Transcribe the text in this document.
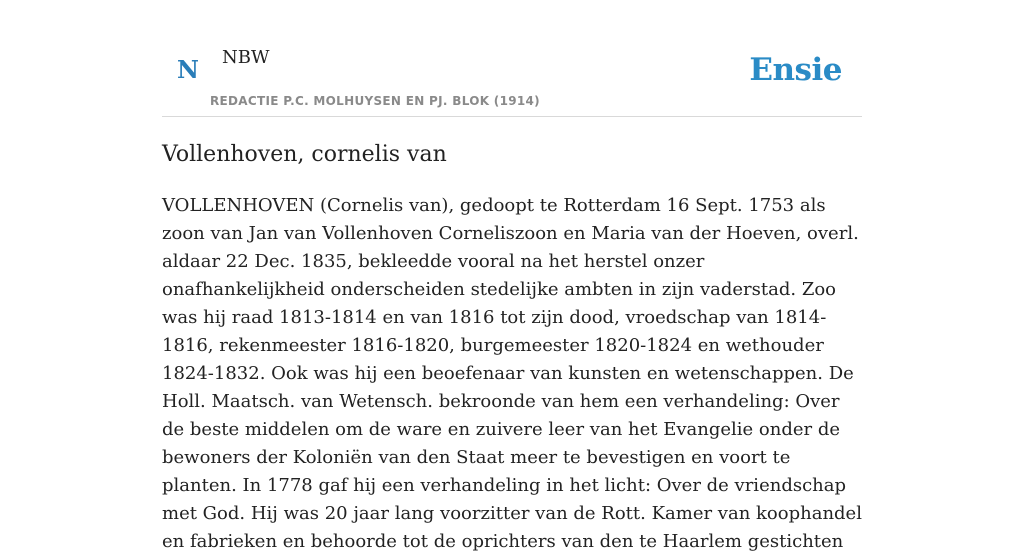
N NBW
REDACTIE P.C. MOLHUYSEN EN PJ. BLOK (1914)
Ensie
Vollenhoven, cornelis van

VOLLENHOVEN (Cornelis van), gedoopt te Rotterdam 16 Sept. 1753 als zoon van Jan van Vollenhoven Corneliszoon en Maria van der Hoeven, overl. aldaar 22 Dec. 1835, bekleedde vooral na het herstel onzer onafhankelijkheid onderscheiden stedelijke ambten in zijn vaderstad. Zoo was hij raad 1813-1814 en van 1816 tot zijn dood, vroedschap van 1814-1816, rekenmeester 1816-1820, burgemeester 1820-1824 en wethouder 1824-1832. Ook was hij een beoefenaar van kunsten en wetenschappen. De Holl. Maatsch. van Wetensch. bekroonde van hem een verhandeling: Over de beste middelen om de ware en zuivere leer van het Evangelie onder de bewoners der Koloniën van den Staat meer te bevestigen en voort te planten. In 1778 gaf hij een verhandeling in het licht: Over de vriendschap met God. Hij was 20 jaar lang voorzitter van de Rott. Kamer van koophandel en fabrieken en behoorde tot de oprichters van den te Haarlem gestichten
